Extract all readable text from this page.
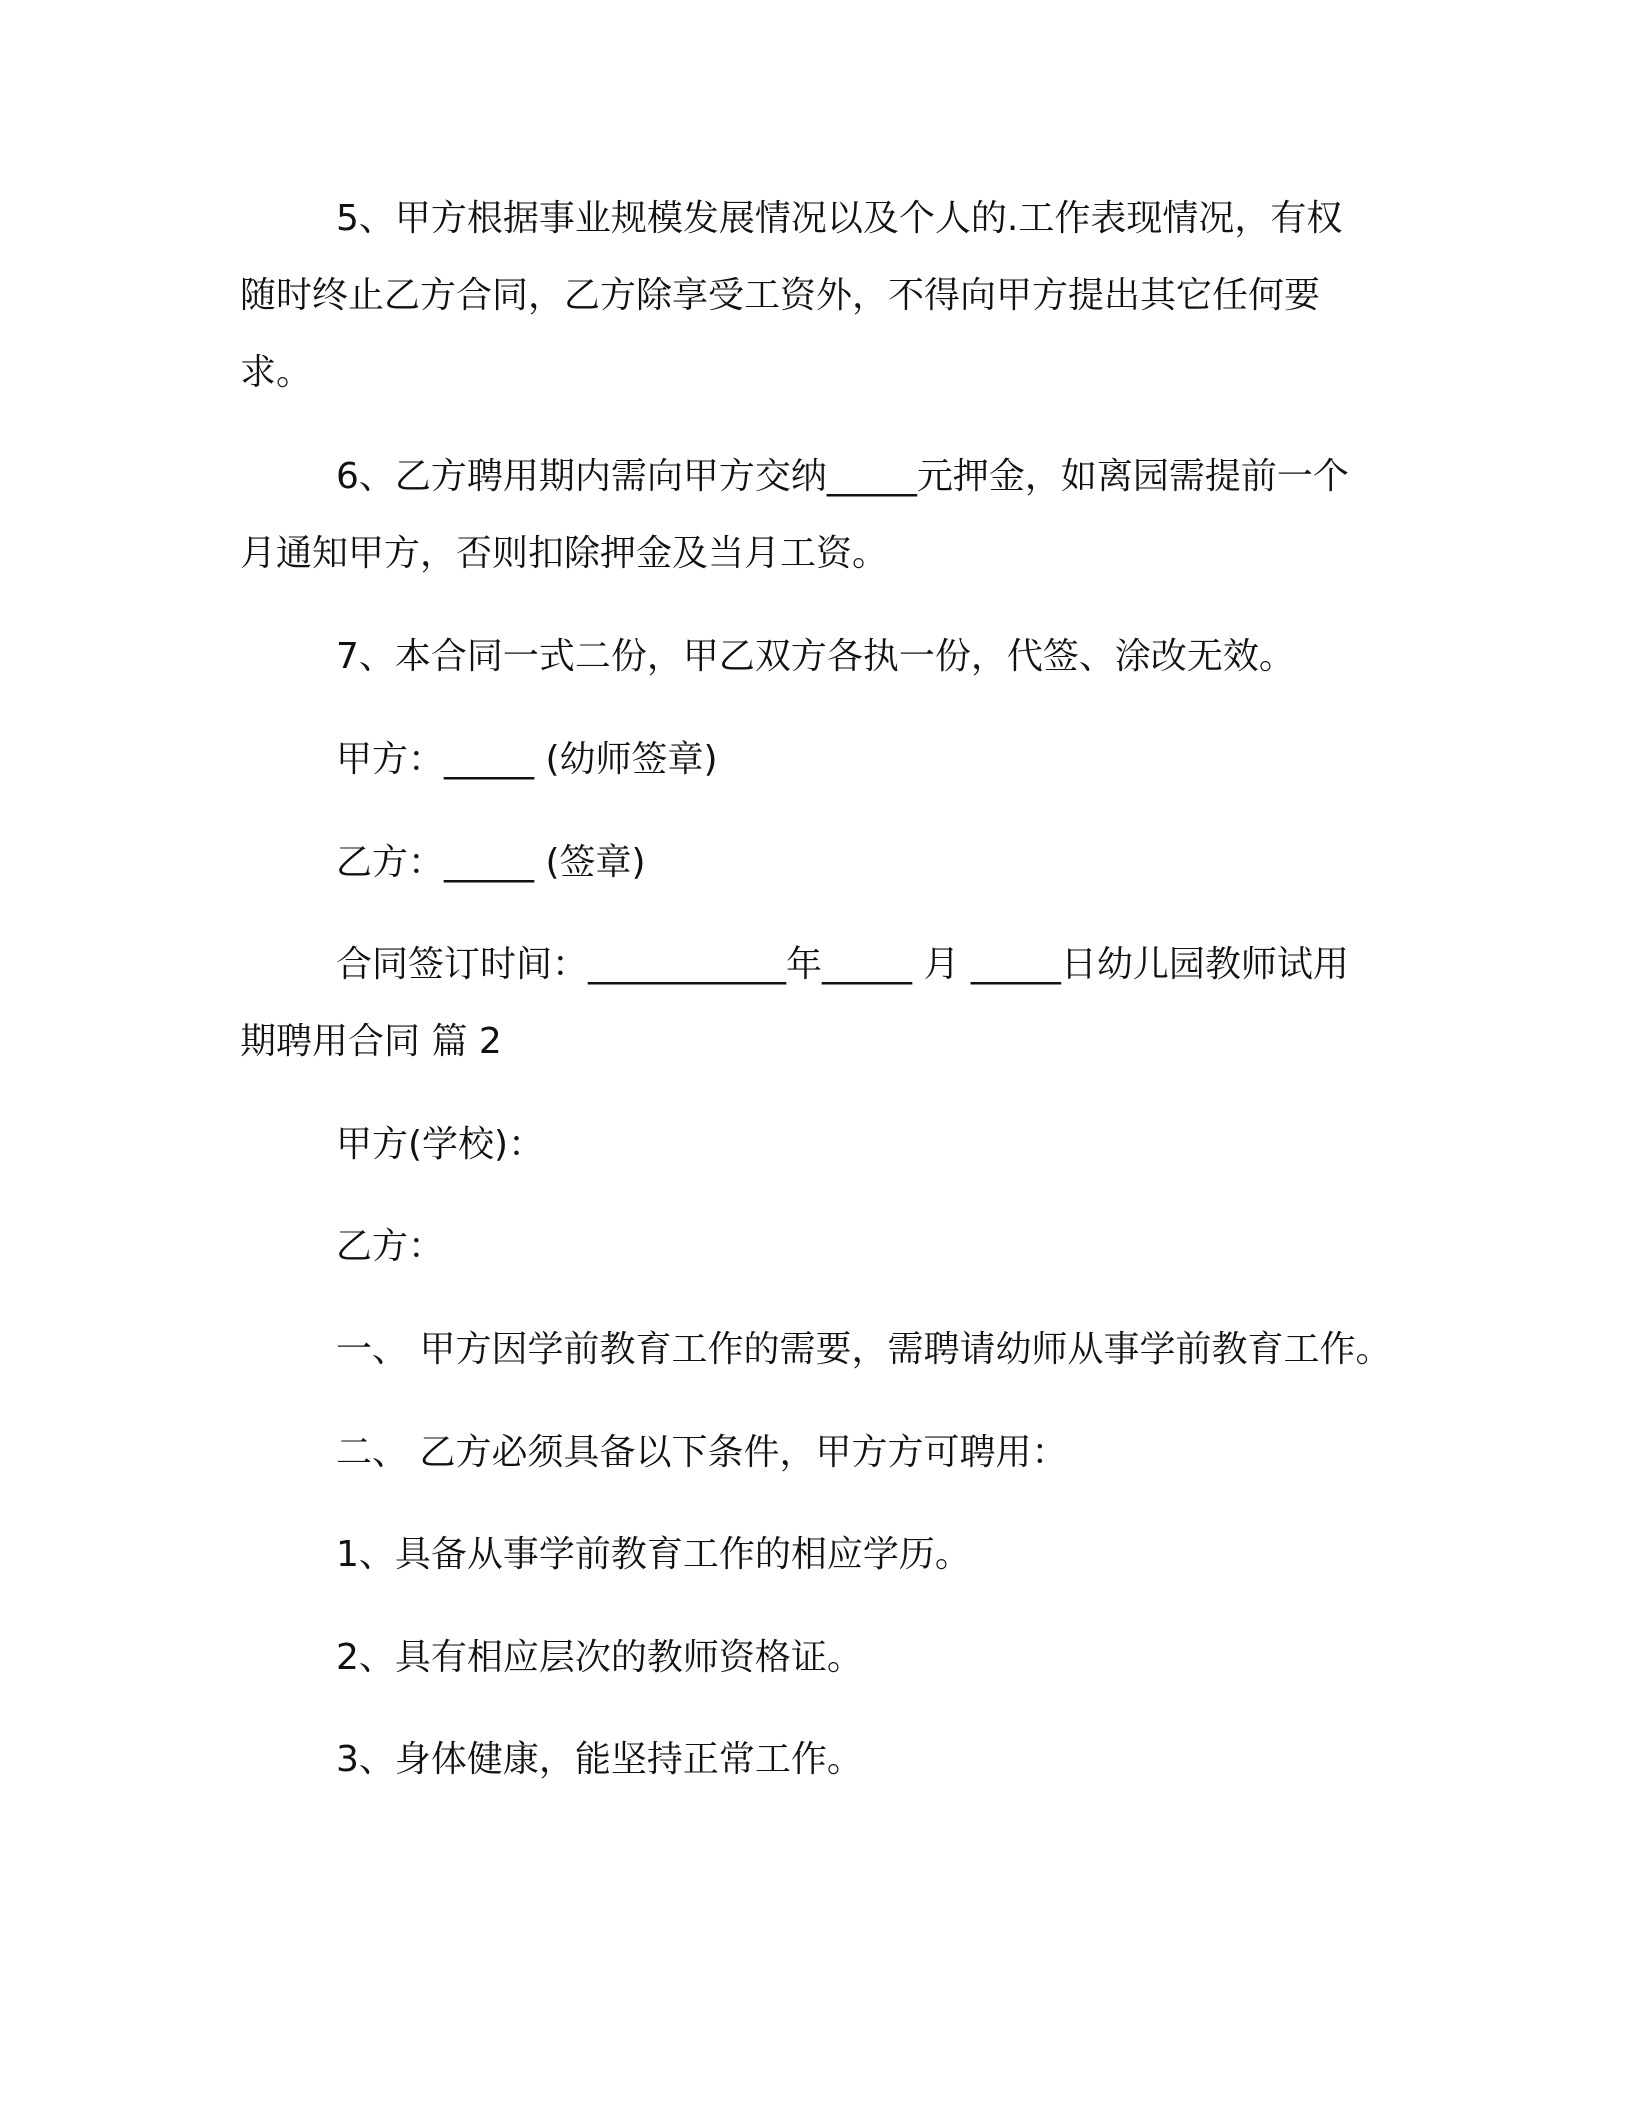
5、甲方根据事业规模发展情况以及个人的.工作表现情况，有权随时终止乙方合同，乙方除享受工资外，不得向甲方提出其它任何要求。

6、乙方聘用期内需向甲方交纳_____元押金，如离园需提前一个月通知甲方，否则扣除押金及当月工资。

7、本合同一式二份，甲乙双方各执一份，代签、涂改无效。

甲方：_____ (幼师签章)

乙方：_____ (签章)

合同签订时间：___________年_____ 月 _____日幼儿园教师试用期聘用合同 篇 2

甲方(学校)：

乙方：

一、 甲方因学前教育工作的需要，需聘请幼师从事学前教育工作。

二、 乙方必须具备以下条件，甲方方可聘用：

1、具备从事学前教育工作的相应学历。

2、具有相应层次的教师资格证。

3、身体健康，能坚持正常工作。
